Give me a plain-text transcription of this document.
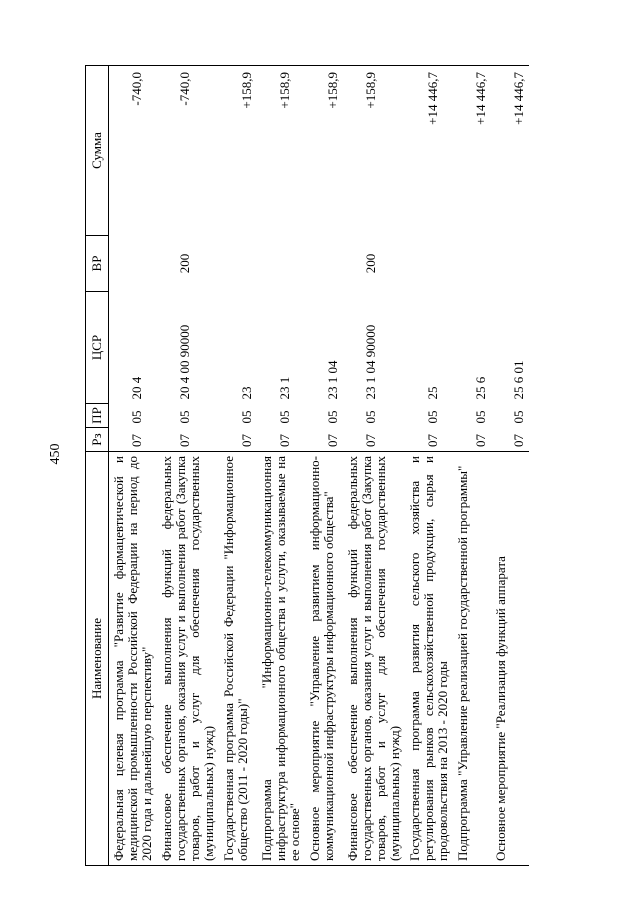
450
Наименование	Рз	ПР	ЦСР	ВР	Сумма
Федеральная целевая программа "Развитие фармацевтической и медицинской промышленности Российской Федерации на период до 2020 года и дальнейшую перспективу"	07	05	20 4		-740,0
Финансовое обеспечение выполнения функций федеральных государственных органов, оказания услуг и выполнения работ (Закупка товаров, работ и услуг для обеспечения государственных (муниципальных) нужд)	07	05	20 4 00 90000	200	-740,0
Государственная программа Российской Федерации "Информационное общество (2011 - 2020 годы)"	07	05	23		+158,9
Подпрограмма "Информационно-телекоммуникационная инфраструктура информационного общества и услуги, оказываемые на ее основе"	07	05	23 1		+158,9
Основное мероприятие "Управление развитием информационно-коммуникационной инфраструктуры информационного общества"	07	05	23 1 04		+158,9
Финансовое обеспечение выполнения функций федеральных государственных органов, оказания услуг и выполнения работ (Закупка товаров, работ и услуг для обеспечения государственных (муниципальных) нужд)	07	05	23 1 04 90000	200	+158,9
Государственная программа развития сельского хозяйства и регулирования рынков сельскохозяйственной продукции, сырья и продовольствия на 2013 - 2020 годы	07	05	25		+14 446,7
Подпрограмма "Управление реализацией государственной программы"	07	05	25 6		+14 446,7
Основное мероприятие "Реализация функций аппарата	07	05	25 6 01		+14 446,7
